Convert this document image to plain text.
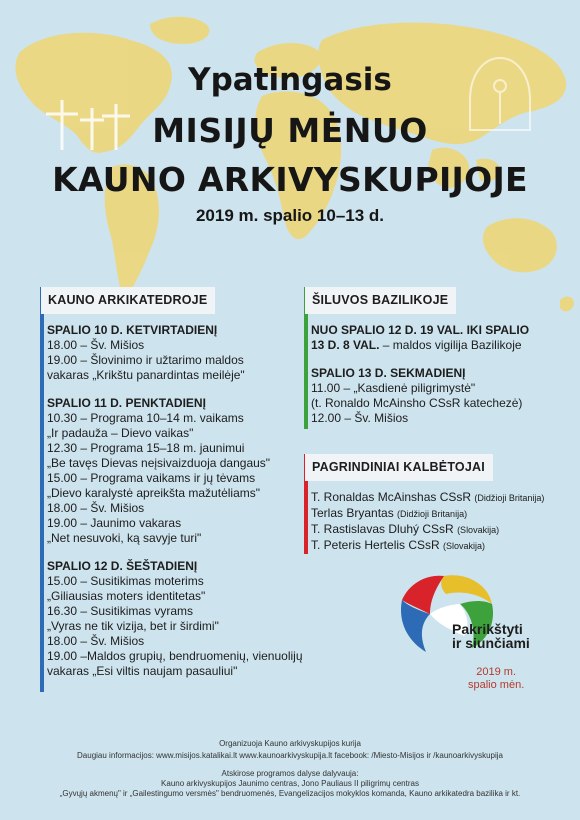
Ypatingasis
MISIJŲ MĖNUO
KAUNO ARKIVYSKUPIJOJE
2019 m. spalio 10–13 d.
KAUNO ARKIKATEDROJE
SPALIO 10 D. KETVIRTADIENĮ
18.00 – Šv. Mišios
19.00 – Šlovinimo ir užtarimo maldos
vakaras „Krikštu panardintas meilėje"
SPALIO 11 D. PENKTADIENĮ
10.30 – Programa 10–14 m. vaikams
„Ir padauža – Dievo vaikas"
12.30 – Programa 15–18 m. jaunimui
„Be tavęs Dievas neįsivaizduoja dangaus"
15.00 – Programa vaikams ir jų tėvams
„Dievo karalystė apreikšta mažutėliams"
18.00 – Šv. Mišios
19.00 – Jaunimo vakaras
„Net nesuvoki, ką savyje turi"
SPALIO 12 D. ŠEŠTADIENĮ
15.00 – Susitikimas moterims
„Giliausias moters identitetas"
16.30 – Susitikimas vyrams
„Vyras ne tik vizija, bet ir širdimi"
18.00 – Šv. Mišios
19.00 –Maldos grupių, bendruomenių, vienuolijų
vakaras „Esi viltis naujam pasauliui"
ŠILUVOS BAZILIKOJE
NUO SPALIO 12 D. 19 VAL. IKI SPALIO
13 D. 8 VAL. – maldos vigilija Bazilikoje
SPALIO 13 D. SEKMADIENĮ
11.00 – „Kasdienė piligrimystė"
(t. Ronaldo McAinsho CSsR katechezė)
12.00 – Šv. Mišios
PAGRINDINIAI KALBĖTOJAI
T. Ronaldas McAinshas CSsR (Didžioji Britanija)
Terlas Bryantas (Didžioji Britanija)
T. Rastislavas Dluhý CSsR (Slovakija)
T. Peteris Hertelis CSsR (Slovakija)
Pakrikštyti
ir siunčiami
2019 m.
spalio mėn.
Organizuoja Kauno arkivyskupijos kurija
Daugiau informacijos: www.misijos.katalikai.lt www.kaunoarkivyskupija.lt facebook: /Miesto-Misijos ir /kaunoarkivyskupija
Atskirose programos dalyse dalyvauja:
Kauno arkivyskupijos Jaunimo centras, Jono Pauliaus II piligrimų centras
„Gyvųjų akmenų" ir „Gailestingumo versmės" bendruomenės, Evangelizacijos mokyklos komanda, Kauno arkikatedra bazilika ir kt.
